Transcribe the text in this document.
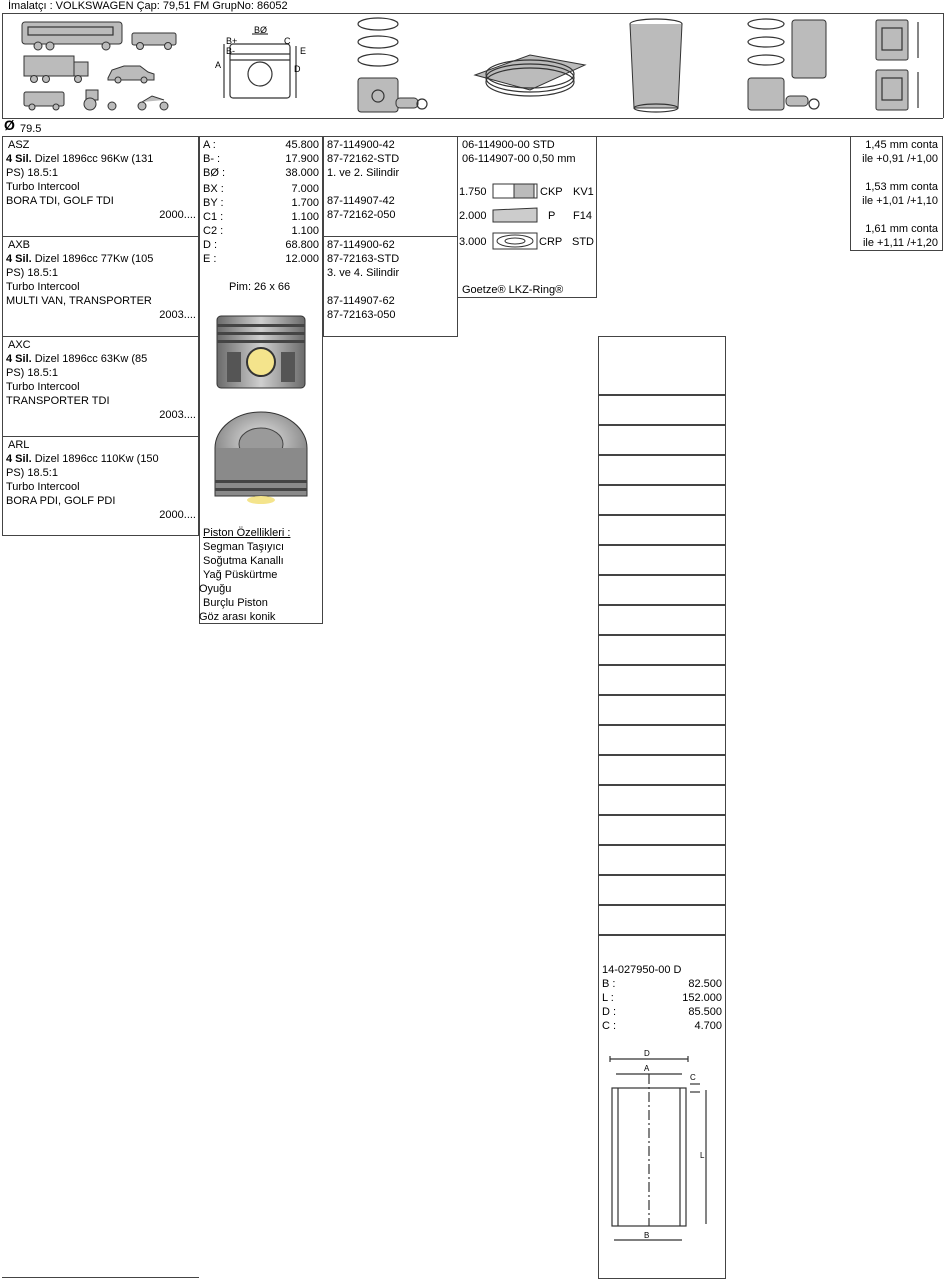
İmalatçı : VOLKSWAGEN Çap: 79,51 FM GrupNo: 86052
BØ
B+
B-
C
E
A	D
Ø 79.5
ASZ
4 Sil. Dizel 1896cc 96Kw (131
PS) 18.5:1
Turbo Intercool
BORA TDI, GOLF TDI
2000....
AXB
4 Sil. Dizel 1896cc 77Kw (105
PS) 18.5:1
Turbo Intercool
MULTI VAN, TRANSPORTER
2003....
AXC
4 Sil. Dizel 1896cc 63Kw (85
PS) 18.5:1
Turbo Intercool
TRANSPORTER TDI
2003....
ARL
4 Sil. Dizel 1896cc 110Kw (150
PS) 18.5:1
Turbo Intercool
BORA PDI, GOLF PDI
2000....
A :	45.800
B- :	17.900
BØ :	38.000
BX :	7.000
BY :	1.700
C1 :	1.100
C2 :	1.100
D :	68.800
E :	12.000
Pim: 26 x 66
Piston Özellikleri :
Segman Taşıyıcı
Soğutma Kanallı
Yağ Püskürtme
Oyuğu
Burçlu Piston
Göz arası konik
87-114900-42
87-72162-STD
1. ve 2. Silindir
87-114907-42
87-72162-050
87-114900-62
87-72163-STD
3. ve 4. Silindir
87-114907-62
87-72163-050
06-114900-00 STD
06-114907-00 0,50 mm
1.750	CKP KV1
2.000	P F14
3.000	CRP STD
Goetze® LKZ-Ring®
1,45 mm conta
ile +0,91 /+1,00
1,53 mm conta
ile +1,01 /+1,10
1,61 mm conta
ile +1,11 /+1,20
14-027950-00 D
B :	82.500
L :	152.000
D :	85.500
C :	4.700
D
A
C
L
B
